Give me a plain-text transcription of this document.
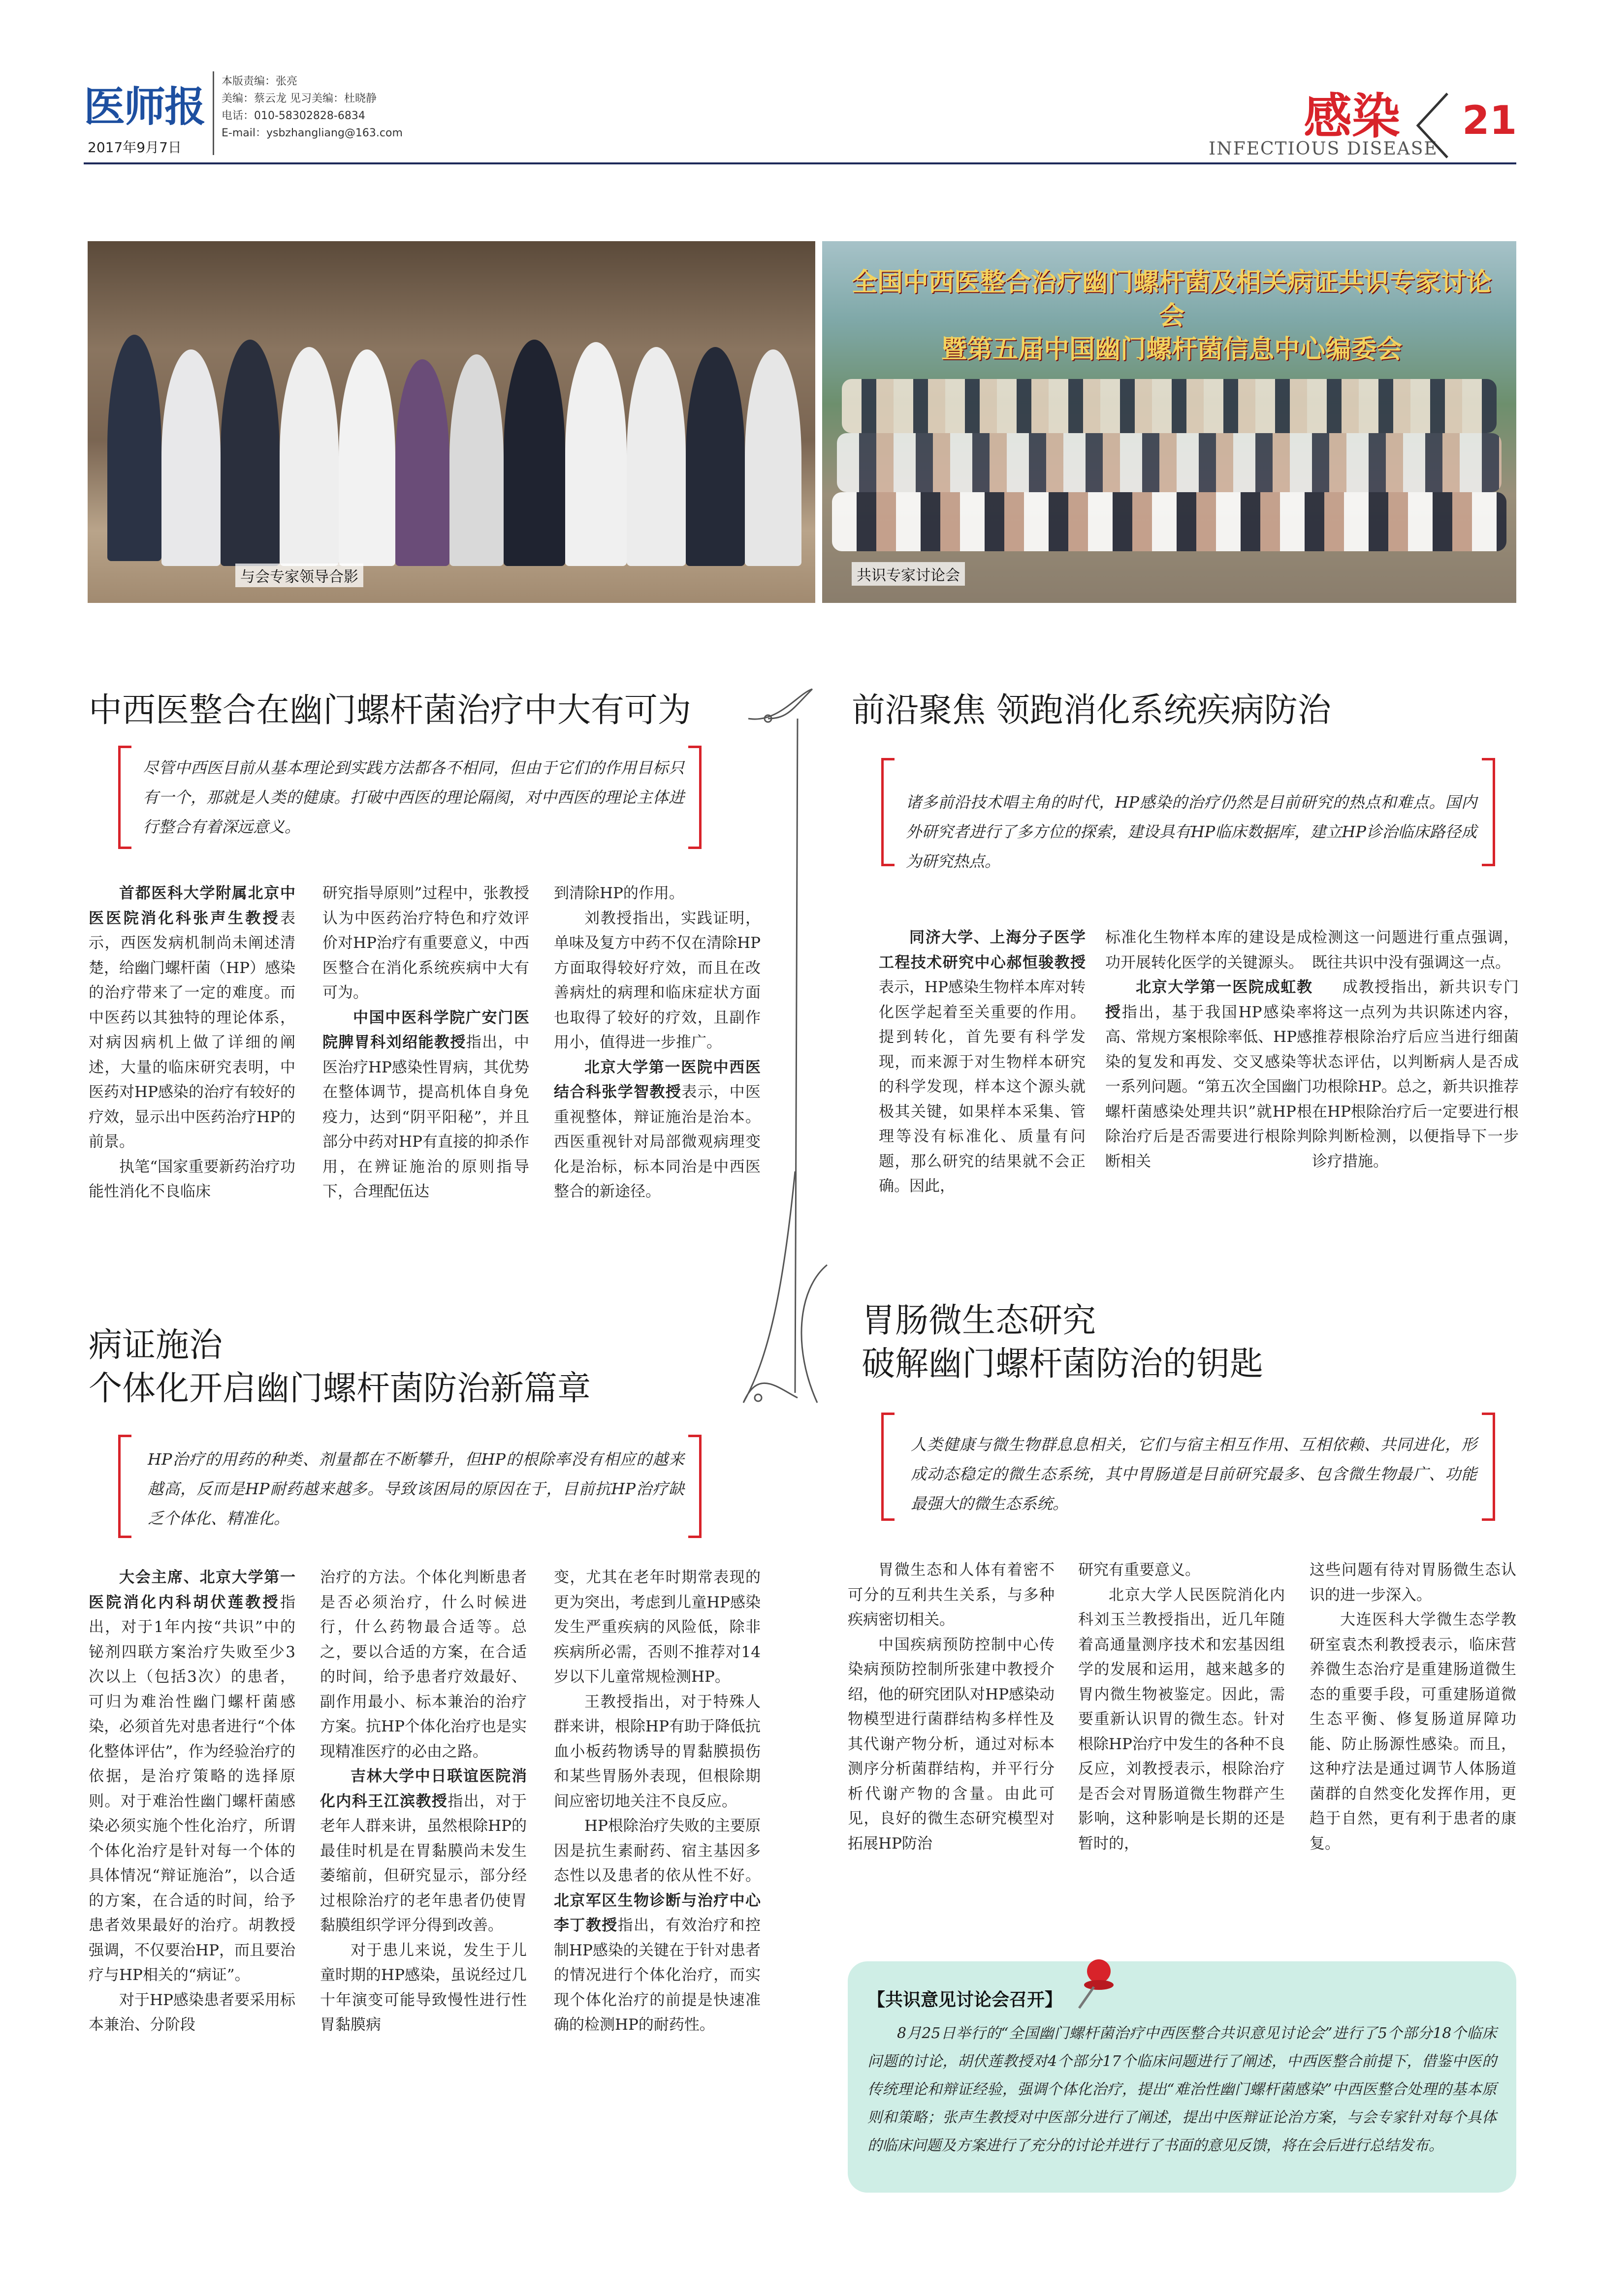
医师报
2017年9月7日
本版责编：张亮
美编：蔡云龙 见习美编：杜晓静
电话：010-58302828-6834
E-mail：ysbzhangliang@163.com	感染
INFECTIOUS DISEASE
21
与会专家领导合影
全国中西医整合治疗幽门螺杆菌及相关病证共识专家讨论会
暨第五届中国幽门螺杆菌信息中心编委会
共识专家讨论会
中西医整合在幽门螺杆菌治疗中大有可为
尽管中西医目前从基本理论到实践方法都各不相同，但由于它们的作用目标只有一个，那就是人类的健康。打破中西医的理论隔阂，对中西医的理论主体进行整合有着深远意义。

首都医科大学附属北京中医医院消化科张声生教授表示，西医发病机制尚未阐述清楚，给幽门螺杆菌（HP）感染的治疗带来了一定的难度。而中医药以其独特的理论体系，对病因病机上做了详细的阐述，大量的临床研究表明，中医药对HP感染的治疗有较好的疗效，显示出中医药治疗HP的前景。

执笔“国家重要新药治疗功能性消化不良临床

研究指导原则”过程中，张教授认为中医药治疗特色和疗效评价对HP治疗有重要意义，中西医整合在消化系统疾病中大有可为。

中国中医科学院广安门医院脾胃科刘绍能教授指出，中医治疗HP感染性胃病，其优势在整体调节，提高机体自身免疫力，达到“阴平阳秘”，并且部分中药对HP有直接的抑杀作用，在辨证施治的原则指导下，合理配伍达

到清除HP的作用。

刘教授指出，实践证明，单味及复方中药不仅在清除HP方面取得较好疗效，而且在改善病灶的病理和临床症状方面也取得了较好的疗效，且副作用小，值得进一步推广。

北京大学第一医院中西医结合科张学智教授表示，中医重视整体，辩证施治是治本。西医重视针对局部微观病理变化是治标，标本同治是中西医整合的新途径。

前沿聚焦 领跑消化系统疾病防治
诸多前沿技术唱主角的时代，HP感染的治疗仍然是目前研究的热点和难点。国内外研究者进行了多方位的探索，建设具有HP临床数据库，建立HP诊治临床路径成为研究热点。

同济大学、上海分子医学工程技术研究中心郝恒骏教授表示，HP感染生物样本库对转化医学起着至关重要的作用。提到转化，首先要有科学发现，而来源于对生物样本研究的科学发现，样本这个源头就极其关键，如果样本采集、管理等没有标准化、质量有问题，那么研究的结果就不会正确。因此，

标准化生物样本库的建设是成功开展转化医学的关键源头。

北京大学第一医院成虹教授指出，基于我国HP感染率高、常规方案根除率低、HP感染的复发和再发、交叉感染等一系列问题。“第五次全国幽门螺杆菌感染处理共识”就HP根除治疗后是否需要进行根除判断相关

检测这一问题进行重点强调，既往共识中没有强调这一点。

成教授指出，新共识专门将这一点列为共识陈述内容，推荐根除治疗后应当进行细菌状态评估，以判断病人是否成功根除HP。总之，新共识推荐在HP根除治疗后一定要进行根除判断检测，以便指导下一步诊疗措施。

病证施治
个体化开启幽门螺杆菌防治新篇章
HP治疗的用药的种类、剂量都在不断攀升，但HP的根除率没有相应的越来越高，反而是HP耐药越来越多。导致该困局的原因在于，目前抗HP治疗缺乏个体化、精准化。

大会主席、北京大学第一医院消化内科胡伏莲教授指出，对于1年内按“共识”中的铋剂四联方案治疗失败至少3次以上（包括3次）的患者，可归为难治性幽门螺杆菌感染，必须首先对患者进行“个体化整体评估”，作为经验治疗的依据，是治疗策略的选择原则。对于难治性幽门螺杆菌感染必须实施个性化治疗，所谓个体化治疗是针对每一个体的具体情况“辩证施治”，以合适的方案，在合适的时间，给予患者效果最好的治疗。胡教授强调，不仅要治HP，而且要治疗与HP相关的“病证”。

对于HP感染患者要采用标本兼治、分阶段

治疗的方法。个体化判断患者是否必须治疗，什么时候进行，什么药物最合适等。总之，要以合适的方案，在合适的时间，给予患者疗效最好、副作用最小、标本兼治的治疗方案。抗HP个体化治疗也是实现精准医疗的必由之路。

吉林大学中日联谊医院消化内科王江滨教授指出，对于老年人群来讲，虽然根除HP的最佳时机是在胃黏膜尚未发生萎缩前，但研究显示，部分经过根除治疗的老年患者仍使胃黏膜组织学评分得到改善。

对于患儿来说，发生于儿童时期的HP感染，虽说经过几十年演变可能导致慢性进行性胃黏膜病

变，尤其在老年时期常表现的更为突出，考虑到儿童HP感染发生严重疾病的风险低，除非疾病所必需，否则不推荐对14岁以下儿童常规检测HP。

王教授指出，对于特殊人群来讲，根除HP有助于降低抗血小板药物诱导的胃黏膜损伤和某些胃肠外表现，但根除期间应密切地关注不良反应。

HP根除治疗失败的主要原因是抗生素耐药、宿主基因多态性以及患者的依从性不好。北京军区生物诊断与治疗中心李丁教授指出，有效治疗和控制HP感染的关键在于针对患者的情况进行个体化治疗，而实现个体化治疗的前提是快速准确的检测HP的耐药性。

胃肠微生态研究
破解幽门螺杆菌防治的钥匙
人类健康与微生物群息息相关，它们与宿主相互作用、互相依赖、共同进化，形成动态稳定的微生态系统，其中胃肠道是目前研究最多、包含微生物最广、功能最强大的微生态系统。

胃微生态和人体有着密不可分的互利共生关系，与多种疾病密切相关。

中国疾病预防控制中心传染病预防控制所张建中教授介绍，他的研究团队对HP感染动物模型进行菌群结构多样性及其代谢产物分析，通过对标本测序分析菌群结构，并平行分析代谢产物的含量。由此可见，良好的微生态研究模型对拓展HP防治

研究有重要意义。

北京大学人民医院消化内科刘玉兰教授指出，近几年随着高通量测序技术和宏基因组学的发展和运用，越来越多的胃内微生物被鉴定。因此，需要重新认识胃的微生态。针对根除HP治疗中发生的各种不良反应，刘教授表示，根除治疗是否会对胃肠道微生物群产生影响，这种影响是长期的还是暂时的，

这些问题有待对胃肠微生态认识的进一步深入。

大连医科大学微生态学教研室袁杰利教授表示，临床营养微生态治疗是重建肠道微生态的重要手段，可重建肠道微生态平衡、修复肠道屏障功能、防止肠源性感染。而且，这种疗法是通过调节人体肠道菌群的自然变化发挥作用，更趋于自然，更有利于患者的康复。

【共识意见讨论会召开】
8月25日举行的“全国幽门螺杆菌治疗中西医整合共识意见讨论会”进行了5个部分18个临床问题的讨论，胡伏莲教授对4个部分17个临床问题进行了阐述，中西医整合前提下，借鉴中医的传统理论和辩证经验，强调个体化治疗，提出“难治性幽门螺杆菌感染”中西医整合处理的基本原则和策略；张声生教授对中医部分进行了阐述，提出中医辩证论治方案，与会专家针对每个具体的临床问题及方案进行了充分的讨论并进行了书面的意见反馈，将在会后进行总结发布。
